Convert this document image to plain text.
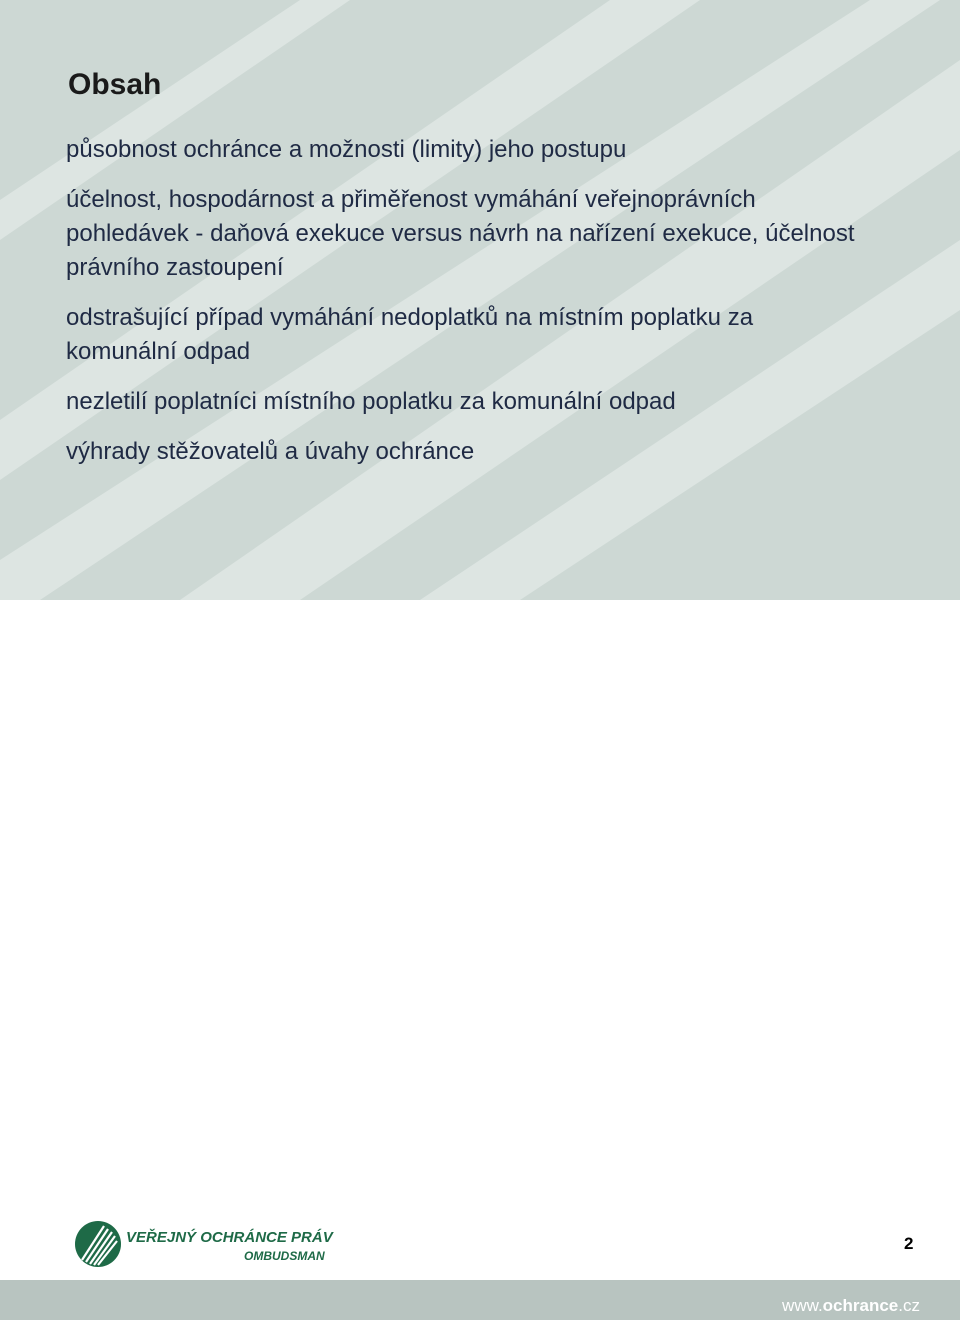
Obsah

působnost ochránce a možnosti (limity) jeho postupu

účelnost, hospodárnost a přiměřenost vymáhání veřejnoprávních pohledávek - daňová exekuce versus návrh na nařízení exekuce, účelnost právního zastoupení

odstrašující případ vymáhání nedoplatků na místním poplatku za komunální odpad

nezletilí poplatníci místního poplatku za komunální odpad

výhrady stěžovatelů a úvahy ochránce

VEŘEJNÝ OCHRÁNCE PRÁV
OMBUDSMAN
2
www.ochrance.cz
